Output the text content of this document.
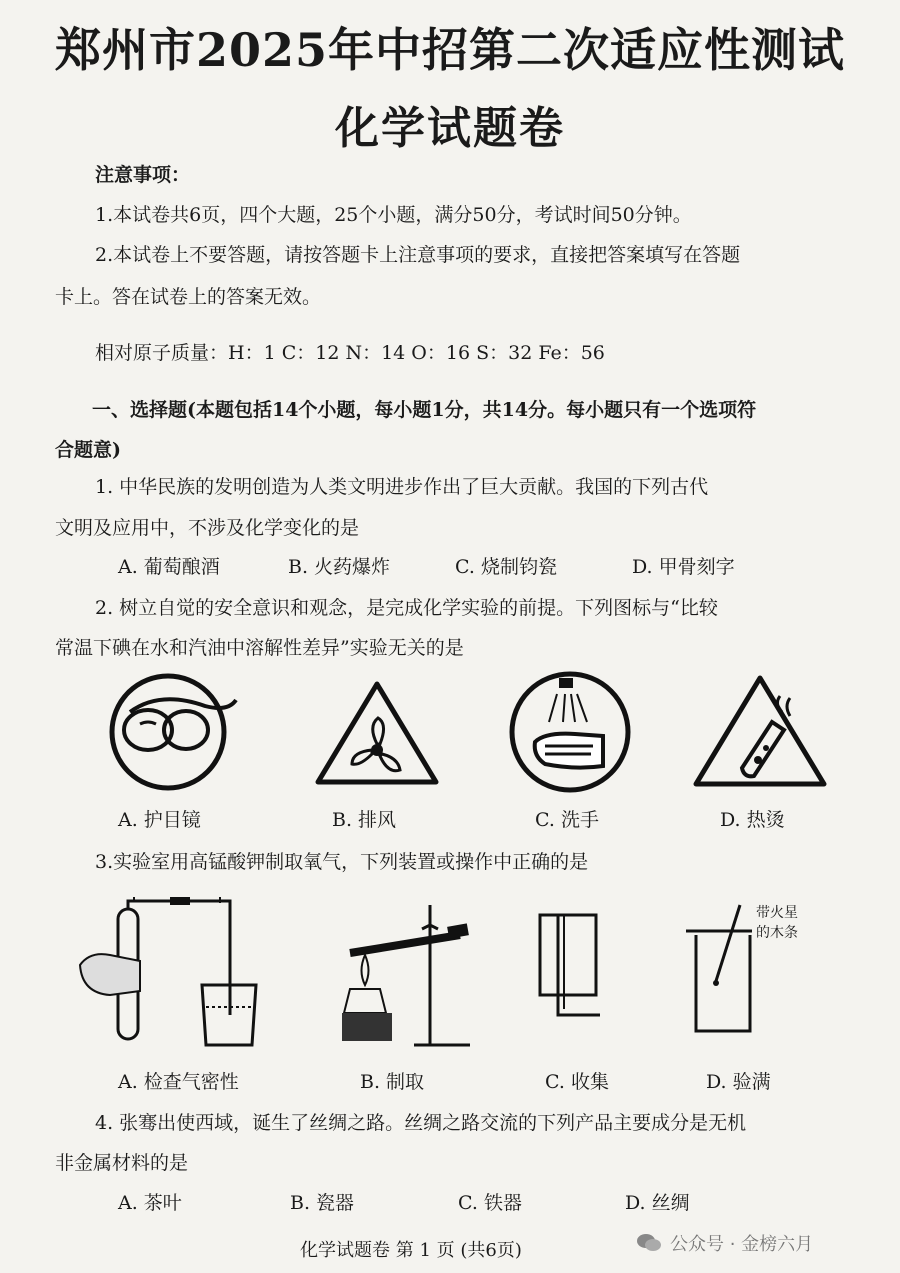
郑州市2025年中招第二次适应性测试
化学试题卷
注意事项：
1.本试卷共6页，四个大题，25个小题，满分50分，考试时间50分钟。
2.本试卷上不要答题，请按答题卡上注意事项的要求，直接把答案填写在答题
卡上。答在试卷上的答案无效。
相对原子质量：H：1 C：12 N：14 O：16 S：32 Fe：56
一、选择题(本题包括14个小题，每小题1分，共14分。每小题只有一个选项符
合题意)
1. 中华民族的发明创造为人类文明进步作出了巨大贡献。我国的下列古代
文明及应用中，不涉及化学变化的是
A. 葡萄酿酒	B. 火药爆炸	C. 烧制钧瓷	D. 甲骨刻字
2. 树立自觉的安全意识和观念，是完成化学实验的前提。下列图标与“比较
常温下碘在水和汽油中溶解性差异”实验无关的是
A. 护目镜	B. 排风	C. 洗手	D. 热烫
3.实验室用高锰酸钾制取氧气，下列装置或操作中正确的是
带火星
的木条
A. 检查气密性	B. 制取	C. 收集	D. 验满
4. 张骞出使西域，诞生了丝绸之路。丝绸之路交流的下列产品主要成分是无机
非金属材料的是
A. 茶叶	B. 瓷器	C. 铁器	D. 丝绸
化学试题卷 第 1 页 (共6页)	公众号 · 金榜六月
